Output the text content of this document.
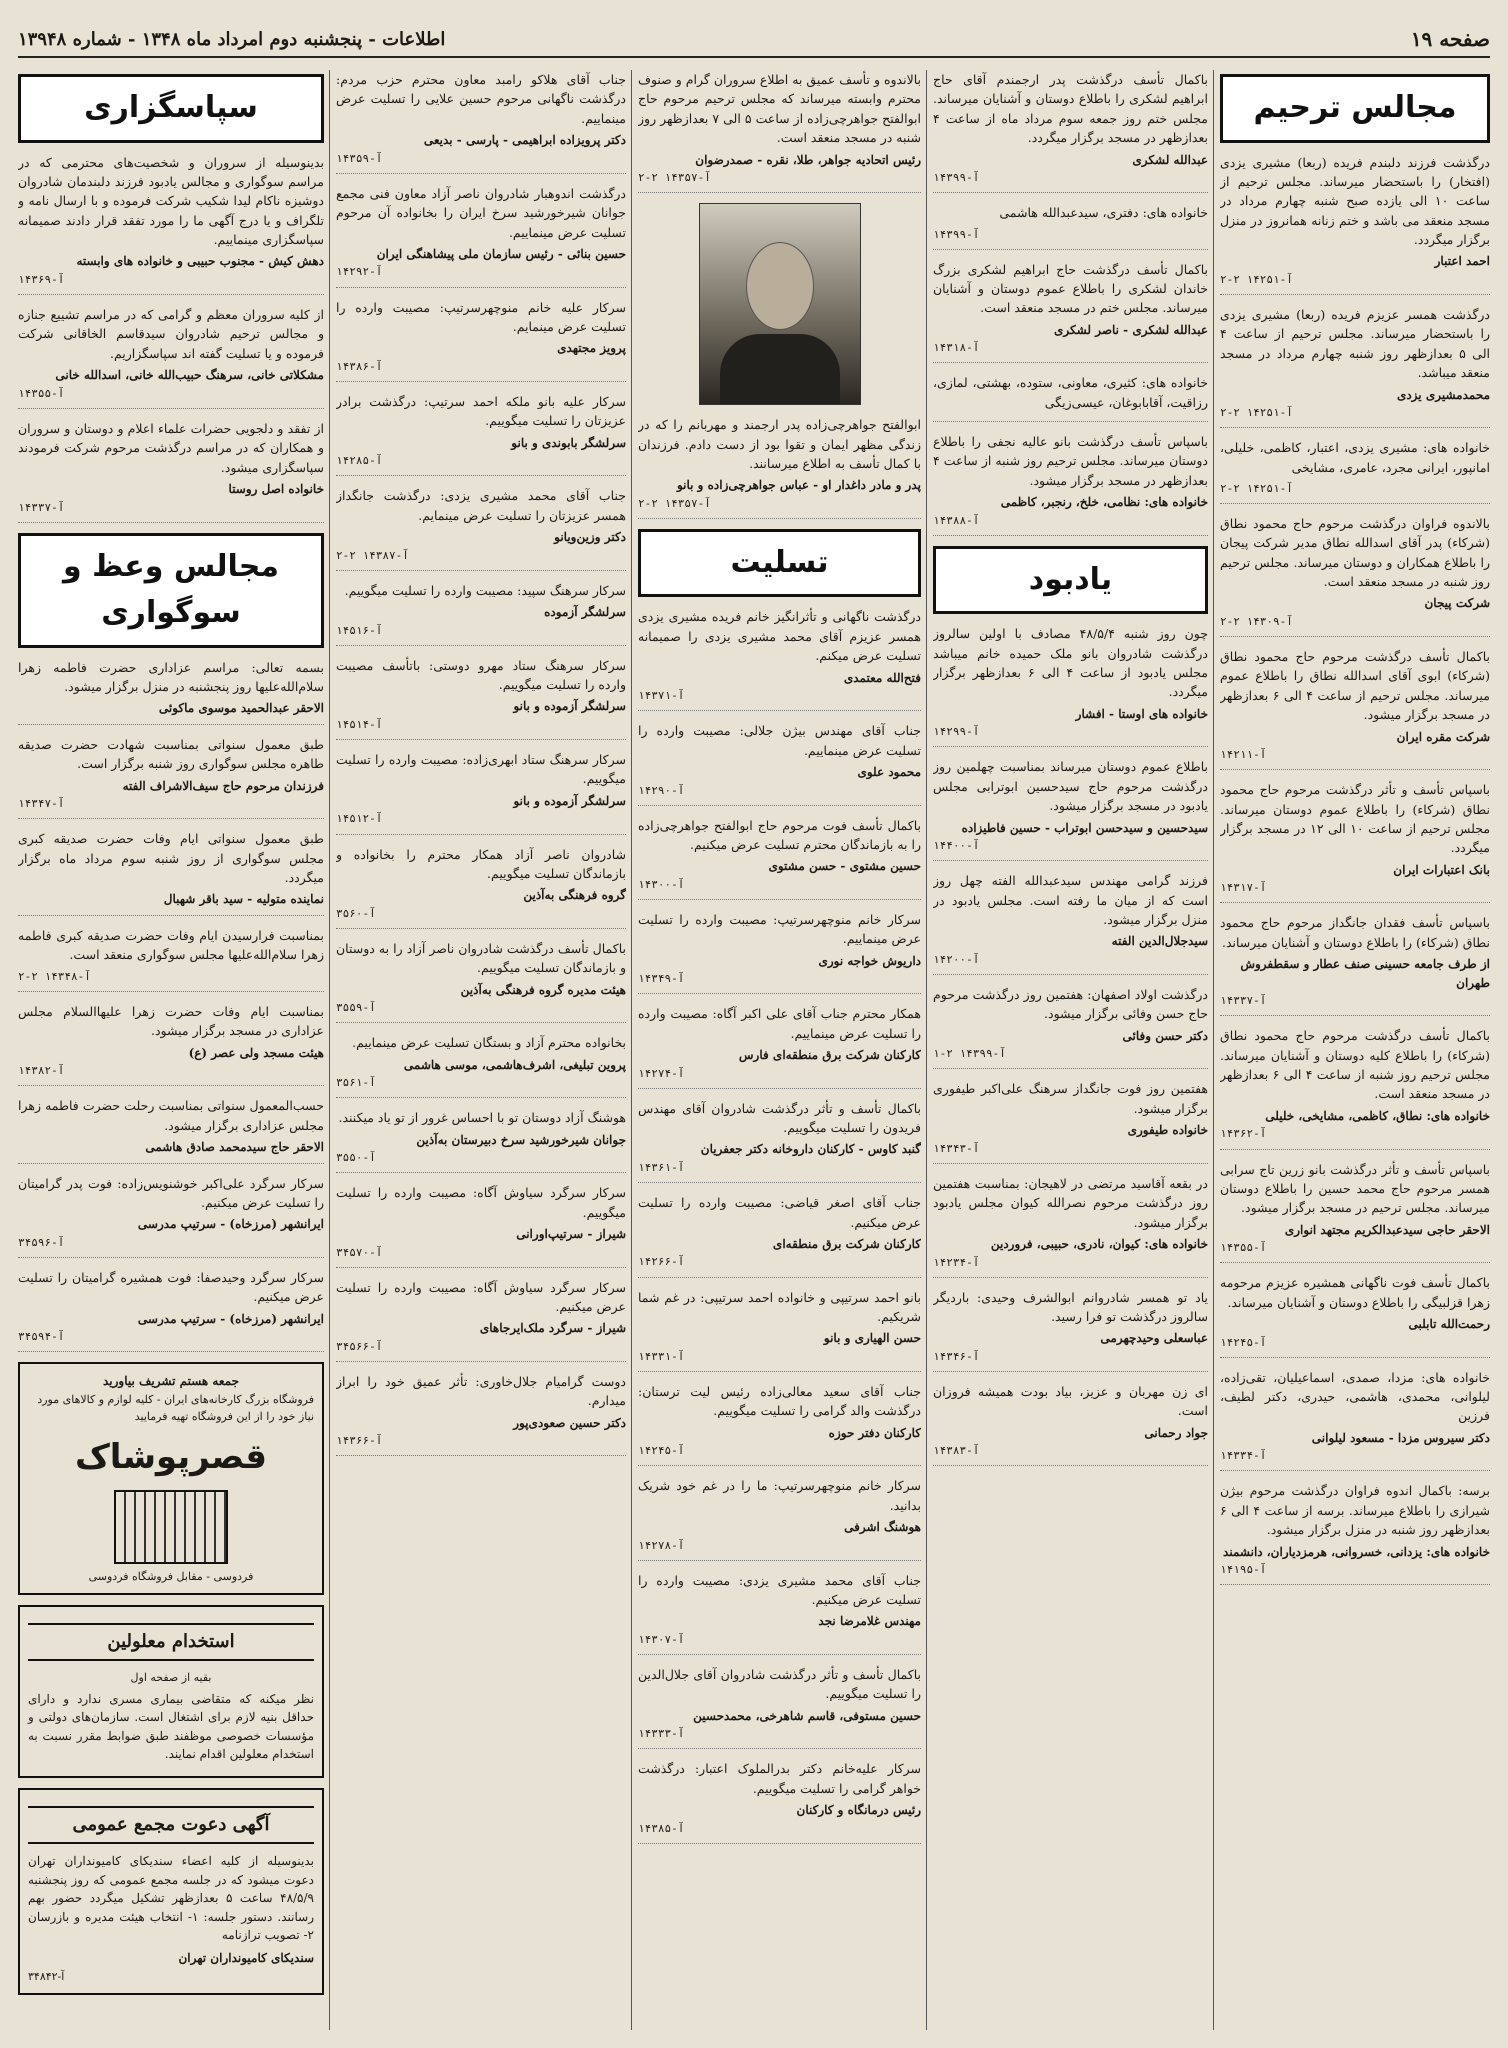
صفحه ۱۹
اطلاعات - پنجشنبه دوم امرداد ماه ۱۳۴۸ - شماره ۱۳۹۴۸
مجالس ترحیم

درگذشت فرزند دلبندم فریده (ربعا) مشیری یزدی (افتخار) را باستحضار میرساند. مجلس ترحیم از ساعت ۱۰ الی یازده صبح شنبه چهارم مرداد در مسجد منعقد می باشد و ختم زنانه همانروز در منزل برگزار میگردد.

احمد اعتبار
آ-۱۴۲۵۱ ۲-۲

درگذشت همسر عزیزم فریده (ربعا) مشیری یزدی را باستحضار میرساند. مجلس ترحیم از ساعت ۴ الی ۵ بعدازظهر روز شنبه چهارم مرداد در مسجد منعقد میباشد.

محمدمشیری یزدی
آ-۱۴۲۵۱ ۲-۲

خانواده های: مشیری یزدی، اعتبار، کاظمی، خلیلی، امانپور، ایرانی مجرد، عامری، مشایخی

آ-۱۴۲۵۱ ۲-۲

بالاندوه فراوان درگذشت مرحوم حاج محمود نطاق (شرکاء) پدر آقای اسدالله نطاق مدیر شرکت پیجان را باطلاع همکاران و دوستان میرساند. مجلس ترحیم روز شنبه در مسجد منعقد است.

شرکت پیجان
آ-۱۴۳۰۹ ۲-۲

باکمال تأسف درگذشت مرحوم حاج محمود نطاق (شرکاء) ابوی آقای اسدالله نطاق را باطلاع عموم میرساند. مجلس ترحیم از ساعت ۴ الی ۶ بعدازظهر در مسجد برگزار میشود.

شرکت مقره ایران
آ-۱۴۲۱۱

باسپاس تأسف و تأثر درگذشت مرحوم حاج محمود نطاق (شرکاء) را باطلاع عموم دوستان میرساند. مجلس ترحیم از ساعت ۱۰ الی ۱۲ در مسجد برگزار میگردد.

بانک اعتبارات ایران
آ-۱۴۳۱۷

باسپاس تأسف فقدان جانگداز مرحوم حاج محمود نطاق (شرکاء) را باطلاع دوستان و آشنایان میرساند.

از طرف جامعه حسینی صنف عطار و سقطفروش طهران
آ-۱۴۳۳۷

باکمال تأسف درگذشت مرحوم حاج محمود نطاق (شرکاء) را باطلاع کلیه دوستان و آشنایان میرساند. مجلس ترحیم روز شنبه از ساعت ۴ الی ۶ بعدازظهر در مسجد منعقد است.

خانواده های: نطاق، کاظمی، مشایخی، خلیلی
آ-۱۴۳۶۲

باسپاس تأسف و تأثر درگذشت بانو زرین تاج سرابی همسر مرحوم حاج محمد حسین را باطلاع دوستان میرساند. مجلس ترحیم در مسجد برگزار میشود.

الاحقر حاجی سیدعبدالکریم مجتهد انواری
آ-۱۴۳۵۵

باکمال تأسف فوت ناگهانی همشیره عزیزم مرحومه زهرا قزلبیگی را باطلاع دوستان و آشنایان میرساند.

رحمت‌الله تابلبی
آ-۱۴۲۴۵

خانواده های: مزدا، صمدی، اسماعیلیان، تقی‌زاده، لیلوانی، محمدی، هاشمی، حیدری، دکتر لطیف، فرزین

دکتر سیروس مزدا - مسعود لیلوانی
آ-۱۴۳۳۴

برسه: باکمال اندوه فراوان درگذشت مرحوم بیژن شیرازی را باطلاع میرساند. برسه از ساعت ۴ الی ۶ بعدازظهر روز شنبه در منزل برگزار میشود.

خانواده های: یزدانی، خسروانی، هرمزدیاران، دانشمند
آ-۱۴۱۹۵

باکمال تأسف درگذشت پدر ارجمندم آقای حاج ابراهیم لشکری را باطلاع دوستان و آشنایان میرساند. مجلس ختم روز جمعه سوم مرداد ماه از ساعت ۴ بعدازظهر در مسجد برگزار میگردد.

عبدالله لشکری
آ-۱۴۳۹۹

خانواده های: دفتری، سیدعبدالله هاشمی

آ-۱۴۳۹۹

باکمال تأسف درگذشت حاج ابراهیم لشکری بزرگ خاندان لشکری را باطلاع عموم دوستان و آشنایان میرساند. مجلس ختم در مسجد منعقد است.

عبدالله لشکری - ناصر لشکری
آ-۱۴۳۱۸

خانواده های: کثیری، معاونی، ستوده، بهشتی، لمازی، رزاقیت، آقابابوغان، عیسی‌زیگی

باسپاس تأسف درگذشت بانو عالیه نجفی را باطلاع دوستان میرساند. مجلس ترحیم روز شنبه از ساعت ۴ بعدازظهر در مسجد برگزار میشود.

خانواده های: نظامی، خلخ، رنجبر، کاظمی
آ-۱۴۳۸۸
یادبود

چون روز شنبه ۴۸/۵/۴ مصادف با اولین سالروز درگذشت شادروان بانو ملک حمیده خانم میباشد مجلس یادبود از ساعت ۴ الی ۶ بعدازظهر برگزار میگردد.

خانواده های اوستا - افشار
آ-۱۴۲۹۹

باطلاع عموم دوستان میرساند بمناسبت چهلمین روز درگذشت مرحوم حاج سیدحسین ابوترابی مجلس یادبود در مسجد برگزار میشود.

سیدحسین و سیدحسن ابوتراب - حسین فاطیزاده
آ-۱۴۴۰۰

فرزند گرامی مهندس سیدعبدالله الفته چهل روز است که از میان ما رفته است. مجلس یادبود در منزل برگزار میشود.

سیدجلال‌الدین الفته
آ-۱۴۲۰۰

درگذشت اولاد اصفهان: هفتمین روز درگذشت مرحوم حاج حسن وفائی برگزار میشود.

دکتر حسن وفائی
آ-۱۴۳۹۹ ۲-۱

هفتمین روز فوت جانگداز سرهنگ علی‌اکبر طیفوری برگزار میشود.

خانواده طیفوری
آ-۱۴۳۴۳

در بقعه آقاسید مرتضی در لاهیجان: بمناسبت هفتمین روز درگذشت مرحوم نصرالله کیوان مجلس یادبود برگزار میشود.

خانواده های: کیوان، نادری، حبیبی، فروردین
آ-۱۴۲۳۴

یاد تو همسر شادروانم ابوالشرف وحیدی: باردیگر سالروز درگذشت تو فرا رسید.

عباسعلی وحیدچهرمی
آ-۱۴۳۴۶

ای زن مهربان و عزیز، بیاد بودت همیشه فروزان است.

جواد رحمانی
آ-۱۴۳۸۳

بالاندوه و تأسف عمیق به اطلاع سروران گرام و صنوف محترم وابسته میرساند که مجلس ترحیم مرحوم حاج ابوالفتح جواهرچی‌زاده از ساعت ۵ الی ۷ بعدازظهر روز شنبه در مسجد منعقد است.

رئیس اتحادیه جواهر، طلا، نقره - صمدرضوان
آ-۱۴۳۵۷ ۲-۲

ابوالفتح جواهرچی‌زاده پدر ارجمند و مهربانم را که در زندگی مظهر ایمان و تقوا بود از دست دادم. فرزندان با کمال تأسف به اطلاع میرسانند.

پدر و مادر داغدار او - عباس جواهرچی‌زاده و بانو
آ-۱۴۳۵۷ ۲-۲
تسلیت

درگذشت ناگهانی و تأثرانگیز خانم فریده مشیری یزدی همسر عزیزم آقای محمد مشیری یزدی را صمیمانه تسلیت عرض میکنم.

فتح‌الله معتمدی
آ-۱۴۳۷۱

جناب آقای مهندس بیژن جلالی: مصیبت وارده را تسلیت عرض مینماییم.

محمود علوی
آ-۱۴۲۹۰

باکمال تأسف فوت مرحوم حاج ابوالفتح جواهرچی‌زاده را به بازماندگان محترم تسلیت عرض میکنیم.

حسین مشتوی - حسن مشتوی
آ-۱۴۳۰۰

سرکار خانم منوچهرسرتیپ: مصیبت وارده را تسلیت عرض مینماییم.

داریوش خواجه نوری
آ-۱۴۳۴۹

همکار محترم جناب آقای علی اکبر آگاه: مصیبت وارده را تسلیت عرض مینماییم.

کارکنان شرکت برق منطقه‌ای فارس
آ-۱۴۲۷۴

باکمال تأسف و تأثر درگذشت شادروان آقای مهندس فریدون را تسلیت میگوییم.

گنبد کاوس - کارکنان داروخانه دکتر جعفریان
آ-۱۴۳۶۱

جناب آقای اصغر قیاضی: مصیبت وارده را تسلیت عرض میکنیم.

کارکنان شرکت برق منطقه‌ای
آ-۱۴۲۶۶

بانو احمد سرتیپی و خانواده احمد سرتیپی: در غم شما شریکیم.

حسن الهیاری و بانو
آ-۱۴۳۳۱

جناب آقای سعید معالی‌زاده رئیس لیت ترستان: درگذشت والد گرامی را تسلیت میگوییم.

کارکنان دفتر حوزه
آ-۱۴۲۴۵

سرکار خانم منوچهرسرتیپ: ما را در غم خود شریک بدانید.

هوشنگ اشرفی
آ-۱۴۲۷۸

جناب آقای محمد مشیری یزدی: مصیبت وارده را تسلیت عرض میکنیم.

مهندس غلامرضا نجد
آ-۱۴۳۰۷

باکمال تأسف و تأثر درگذشت شادروان آقای جلال‌الدین را تسلیت میگوییم.

حسین مستوفی، قاسم شاهرخی، محمدحسین
آ-۱۴۳۳۳

سرکار علیه‌خانم دکتر بدرالملوک اعتبار: درگذشت خواهر گرامی را تسلیت میگوییم.

رئیس درمانگاه و کارکنان
آ-۱۴۳۸۵

جناب آقای هلاکو رامبد معاون محترم حزب مردم: درگذشت ناگهانی مرحوم حسین علایی را تسلیت عرض مینماییم.

دکتر پرویزاده ابراهیمی - پارسی - بدیعی
آ-۱۴۳۵۹

درگذشت اندوهبار شادروان ناصر آزاد معاون فنی مجمع جوانان شیرخورشید سرخ ایران را بخانواده آن مرحوم تسلیت عرض مینماییم.

حسین بنائی - رئیس سازمان ملی پیشاهنگی ایران
آ-۱۴۲۹۲

سرکار علیه خانم منوچهرسرتیپ: مصیبت وارده را تسلیت عرض مینمایم.

پرویز مجتهدی
آ-۱۴۳۸۶

سرکار علیه بانو ملکه احمد سرتیپ: درگذشت برادر عزیزتان را تسلیت میگوییم.

سرلشگر بابوندی و بانو
آ-۱۴۲۸۵

جناب آقای محمد مشیری یزدی: درگذشت جانگداز همسر عزیزتان را تسلیت عرض مینمایم.

دکتر وزین‌ویانو
آ-۱۴۳۸۷ ۲-۲

سرکار سرهنگ سپید: مصیبت وارده را تسلیت میگوییم.

سرلشگر آزموده
آ-۱۴۵۱۶

سرکار سرهنگ ستاد مهرو دوستی: باتأسف مصیبت وارده را تسلیت میگوییم.

سرلشگر آزموده و بانو
آ-۱۴۵۱۴

سرکار سرهنگ ستاد ابهری‌زاده: مصیبت وارده را تسلیت میگوییم.

سرلشگر آزموده و بانو
آ-۱۴۵۱۲

شادروان ناصر آزاد همکار محترم را بخانواده و بازماندگان تسلیت میگوییم.

گروه فرهنگی به‌آذین
آ-۳۵۶۰

باکمال تأسف درگذشت شادروان ناصر آزاد را به دوستان و بازماندگان تسلیت میگوییم.

هیئت مدیره گروه فرهنگی به‌آذین
آ-۳۵۵۹

بخانواده محترم آزاد و بستگان تسلیت عرض مینماییم.

پروین تبلیغی، اشرف‌هاشمی، موسی هاشمی
آ-۳۵۶۱

هوشنگ آزاد دوستان تو با احساس غرور از تو یاد میکنند.

جوانان شیرخورشید سرخ دبیرستان به‌آذین
آ-۳۵۵۰

سرکار سرگرد سیاوش آگاه: مصیبت وارده را تسلیت میگوییم.

شیراز - سرتیپ‌اورانی
آ-۳۴۵۷۰

سرکار سرگرد سیاوش آگاه: مصیبت وارده را تسلیت عرض میکنیم.

شیراز - سرگرد ملک‌ایرجاهای
آ-۳۴۵۶۶

دوست گرامیام جلال‌خاوری: تأثر عمیق خود را ابراز میدارم.

دکتر حسین صعودی‌پور
آ-۱۴۳۶۶
سپاسگزاری

بدینوسیله از سروران و شخصیت‌های محترمی که در مراسم سوگواری و مجالس یادبود فرزند دلبندمان شادروان دوشیزه ناکام لیدا شکیب شرکت فرموده و با ارسال نامه و تلگراف و یا درج آگهی ما را مورد تفقد قرار دادند صمیمانه سپاسگزاری مینماییم.

دهش کیش - مجنوب حبیبی و خانواده های وابسته
آ-۱۴۳۶۹

از کلیه سروران معظم و گرامی که در مراسم تشییع جنازه و مجالس ترحیم شادروان سیدقاسم الخاقانی شرکت فرموده و یا تسلیت گفته اند سپاسگزاریم.

مشکلاتی خانی، سرهنگ حبیب‌الله خانی، اسدالله خانی
آ-۱۴۳۵۵

از تفقد و دلجویی حضرات علماء اعلام و دوستان و سروران و همکاران که در مراسم درگذشت مرحوم شرکت فرمودند سپاسگزاری میشود.

خانواده اصل روستا
آ-۱۴۳۳۷
مجالس وعظ و سوگواری

بسمه تعالی: مراسم عزاداری حضرت فاطمه زهرا سلام‌الله‌علیها روز پنجشنبه در منزل برگزار میشود.

الاحقر عبدالحمید موسوی ماکوئی

طبق معمول سنواتی بمناسبت شهادت حضرت صدیقه طاهره مجلس سوگواری روز شنبه برگزار است.

فرزندان مرحوم حاج سیف‌الاشراف الفته
آ-۱۴۳۴۷

طبق معمول سنواتی ایام وفات حضرت صدیقه کبری مجلس سوگواری از روز شنبه سوم مرداد ماه برگزار میگردد.

نماینده متولیه - سید باقر شهبال

بمناسبت فرارسیدن ایام وفات حضرت صدیقه کبری فاطمه زهرا سلام‌الله‌علیها مجلس سوگواری منعقد است.

آ-۱۴۳۴۸ ۲-۲

بمناسبت ایام وفات حضرت زهرا علیها‌السلام مجلس عزاداری در مسجد برگزار میشود.

هیئت مسجد ولی عصر (ع)
آ-۱۴۳۸۲

حسب‌المعمول سنواتی بمناسبت رحلت حضرت فاطمه زهرا مجلس عزاداری برگزار میشود.

الاحقر حاج سیدمحمد صادق هاشمی

سرکار سرگرد علی‌اکبر خوشنویس‌زاده: فوت پدر گرامیتان را تسلیت عرض میکنیم.

ایرانشهر (مرزخاه) - سرتیپ مدرسی
آ-۳۴۵۹۶

سرکار سرگرد وحیدصفا: فوت همشیره گرامیتان را تسلیت عرض میکنیم.

ایرانشهر (مرزخاه) - سرتیپ مدرسی
آ-۳۴۵۹۴
جمعه هستم تشریف بیاورید
فروشگاه بزرگ کارخانه‌های ایران - کلیه لوازم و کالاهای مورد نیاز خود را از این فروشگاه تهیه فرمایید
قصرپوشاک
فردوسی - مقابل فروشگاه فردوسی
استخدام معلولین
بقیه از صفحه اول

نظر میکنه که متقاضی بیماری مسری ندارد و دارای حداقل بنیه لازم برای اشتغال است. سازمان‌های دولتی و مؤسسات خصوصی موظفند طبق ضوابط مقرر نسبت به استخدام معلولین اقدام نمایند.

آگهی دعوت مجمع عمومی

بدینوسیله از کلیه اعضاء سندیکای کامیونداران تهران دعوت میشود که در جلسه مجمع عمومی که روز پنجشنبه ۴۸/۵/۹ ساعت ۵ بعدازظهر تشکیل میگردد حضور بهم رسانند. دستور جلسه: ۱- انتخاب هیئت مدیره و بازرسان ۲- تصویب ترازنامه

سندیکای کامیونداران تهران
آ-۳۴۸۴۲
